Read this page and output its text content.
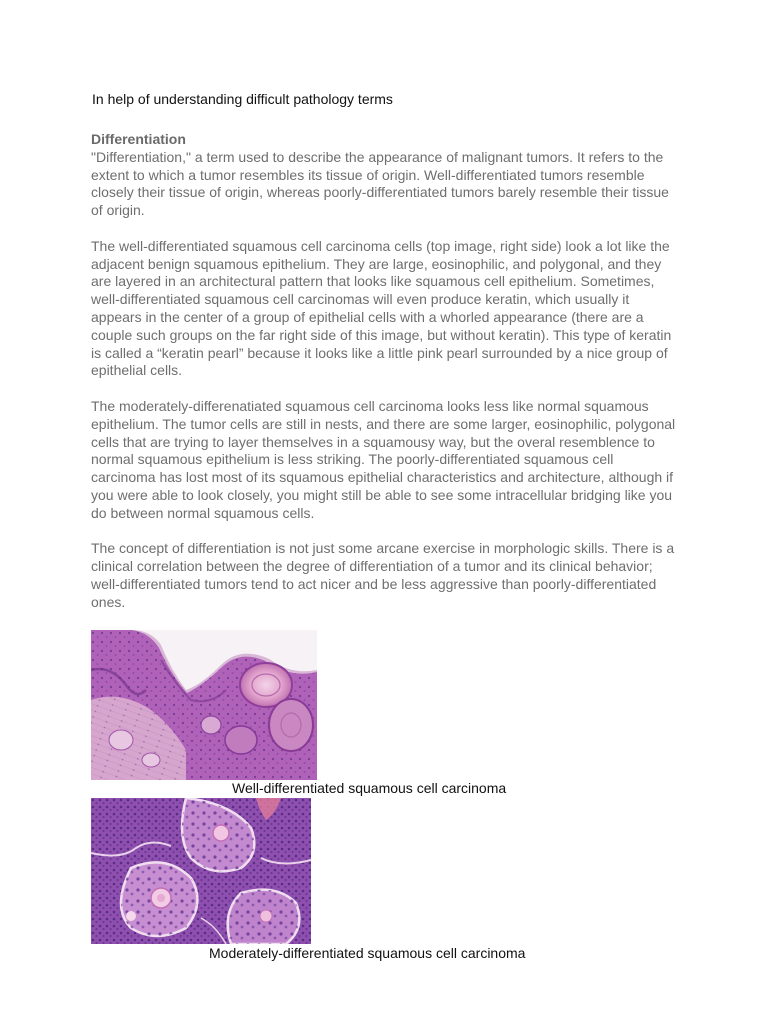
In help of understanding difficult pathology terms

Differentiation

"Differentiation," a term used to describe the appearance of malignant tumors. It refers to the extent to which a tumor resembles its tissue of origin. Well-differentiated tumors resemble closely their tissue of origin, whereas poorly-differentiated tumors barely resemble their tissue of origin.

The well-differentiated squamous cell carcinoma cells (top image, right side) look a lot like the adjacent benign squamous epithelium. They are large, eosinophilic, and polygonal, and they are layered in an architectural pattern that looks like squamous cell epithelium. Sometimes, well-differentiated squamous cell carcinomas will even produce keratin, which usually it appears in the center of a group of epithelial cells with a whorled appearance (there are a couple such groups on the far right side of this image, but without keratin). This type of keratin is called a “keratin pearl” because it looks like a little pink pearl surrounded by a nice group of epithelial cells.

The moderately-differenatiated squamous cell carcinoma looks less like normal squamous epithelium. The tumor cells are still in nests, and there are some larger, eosinophilic, polygonal cells that are trying to layer themselves in a squamousy way, but the overal resemblence to normal squamous epithelium is less striking. The poorly-differentiated squamous cell carcinoma has lost most of its squamous epithelial characteristics and architecture, although if you were able to look closely, you might still be able to see some intracellular bridging like you do between normal squamous cells.

The concept of differentiation is not just some arcane exercise in morphologic skills. There is a clinical correlation between the degree of differentiation of a tumor and its clinical behavior; well-differentiated tumors tend to act nicer and be less aggressive than poorly-differentiated ones.

Well-differentiated squamous cell carcinoma
Moderately-differentiated squamous cell carcinoma
